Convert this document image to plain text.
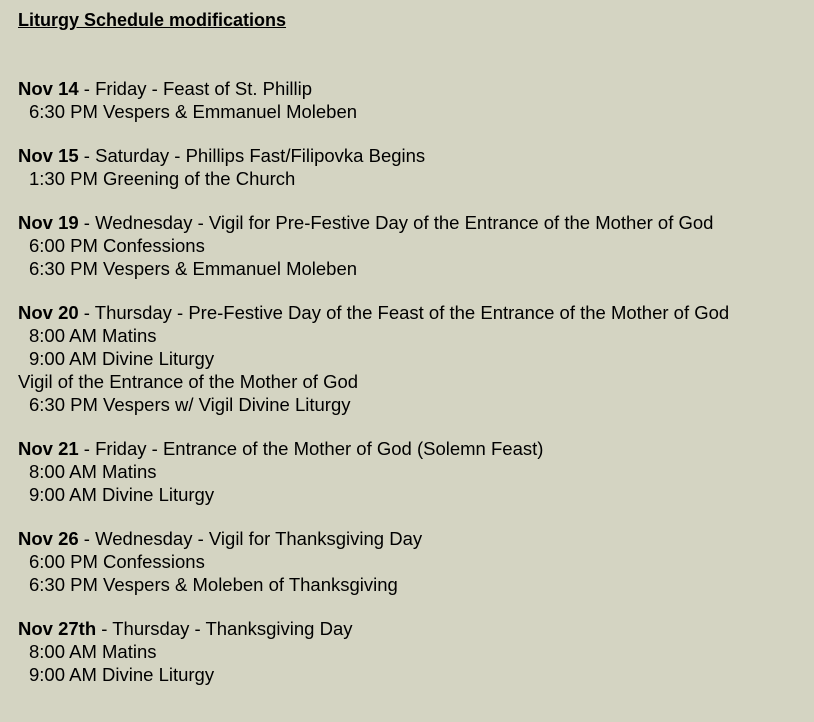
Liturgy Schedule modifications
Nov 14 - Friday - Feast of St. Phillip
6:30 PM Vespers & Emmanuel Moleben
Nov 15 - Saturday - Phillips Fast/Filipovka Begins
1:30 PM Greening of the Church
Nov 19 - Wednesday - Vigil for Pre-Festive Day of the Entrance of the Mother of God
6:00 PM Confessions
6:30 PM Vespers & Emmanuel Moleben
Nov 20 - Thursday - Pre-Festive Day of the Feast of the Entrance of the Mother of God
8:00 AM Matins
9:00 AM Divine Liturgy
Vigil of the Entrance of the Mother of God
6:30 PM Vespers w/ Vigil Divine Liturgy
Nov 21 - Friday - Entrance of the Mother of God (Solemn Feast)
8:00 AM Matins
9:00 AM Divine Liturgy
Nov 26 - Wednesday - Vigil for Thanksgiving Day
6:00 PM Confessions
6:30 PM Vespers & Moleben of Thanksgiving
Nov 27th - Thursday - Thanksgiving Day
8:00 AM Matins
9:00 AM Divine Liturgy
